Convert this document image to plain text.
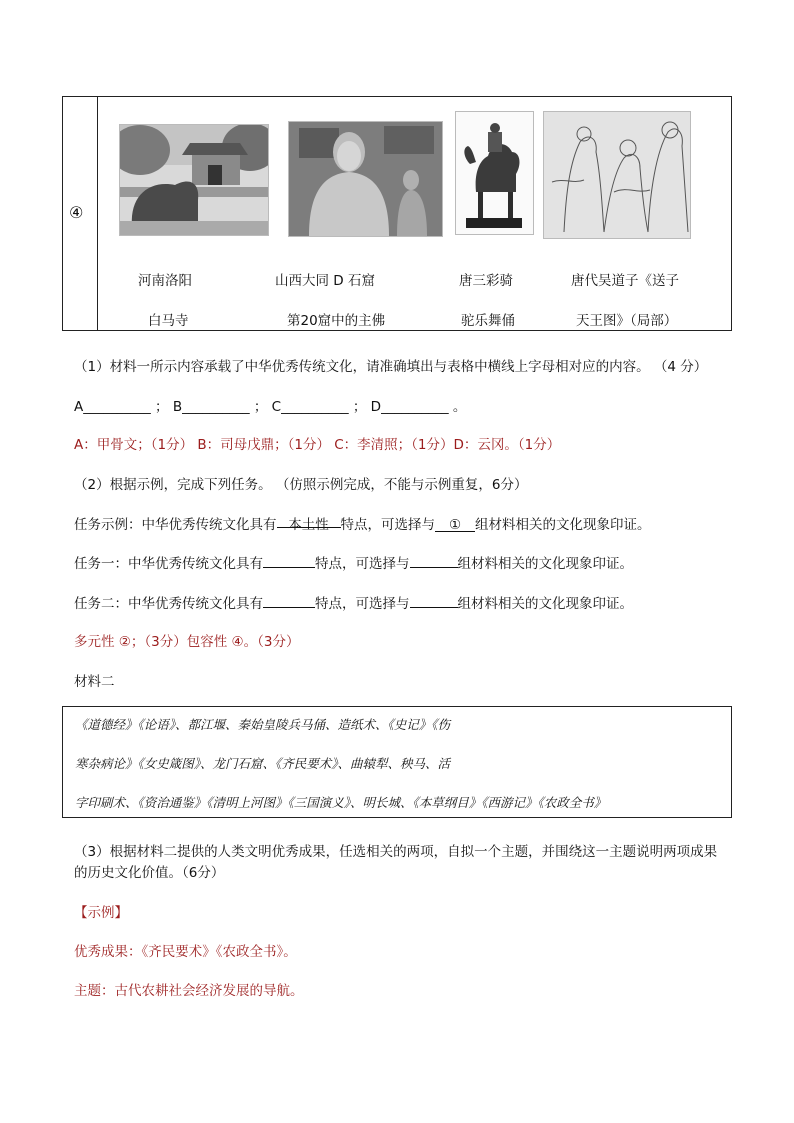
④
河南洛阳
白马寺
山西大同 D 石窟
第20窟中的主佛
唐三彩骑
驼乐舞俑
唐代吴道子《送子
天王图》（局部）
（1）材料一所示内容承载了中华优秀传统文化，请准确填出与表格中横线上字母相对应的内容。 （4 分）
A__________ ； B__________ ； C__________ ； D__________ 。
A：甲骨文；（1分） B：司母戊鼎；（1分） C：李清照；（1分）D：云冈。（1分）
（2）根据示例，完成下列任务。 （仿照示例完成，不能与示例重复，6分）
任务示例：中华优秀传统文化具有 本土性 特点，可选择与 ① 组材料相关的文化现象印证。
任务一：中华优秀传统文化具有	特点，可选择与	组材料相关的文化现象印证。
任务二：中华优秀传统文化具有	特点，可选择与	组材料相关的文化现象印证。
多元性 ②；（3分）包容性 ④。（3分）
材料二
《道德经》《论语》、都江堰、秦始皇陵兵马俑、造纸术、《史记》《伤
寒杂病论》《女史箴图》、龙门石窟、《齐民要术》、曲辕犁、秧马、活
字印刷术、《资治通鉴》《清明上河图》《三国演义》、明长城、《本草纲目》《西游记》《农政全书》
（3）根据材料二提供的人类文明优秀成果，任选相关的两项，自拟一个主题，并围绕这一主题说明两项成果
的历史文化价值。（6分）
【示例】
优秀成果：《齐民要术》《农政全书》。
主题：古代农耕社会经济发展的导航。
